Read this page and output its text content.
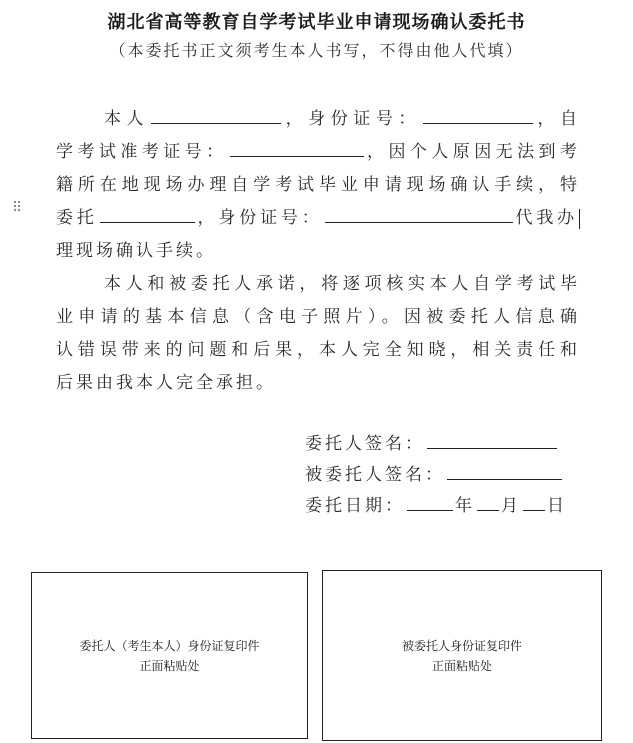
湖北省高等教育自学考试毕业申请现场确认委托书
（本委托书正文须考生本人书写，不得由他人代填）
⠿

本人	，身份证号：	，自

学考试准考证号：	，因个人原因无法到考

籍所在地现场办理自学考试毕业申请现场确认手续，特

委托	，身份证号：	代我办

理现场确认手续。

本人和被委托人承诺，将逐项核实本人自学考试毕

业申请的基本信息（含电子照片）。因被委托人信息确

认错误带来的问题和后果，本人完全知晓，相关责任和

后果由我本人完全承担。

委托人签名：
被委托人签名：
委托日期：	年 月 日
委托人（考生本人）身份证复印件
正面粘贴处
被委托人身份证复印件
正面粘贴处
